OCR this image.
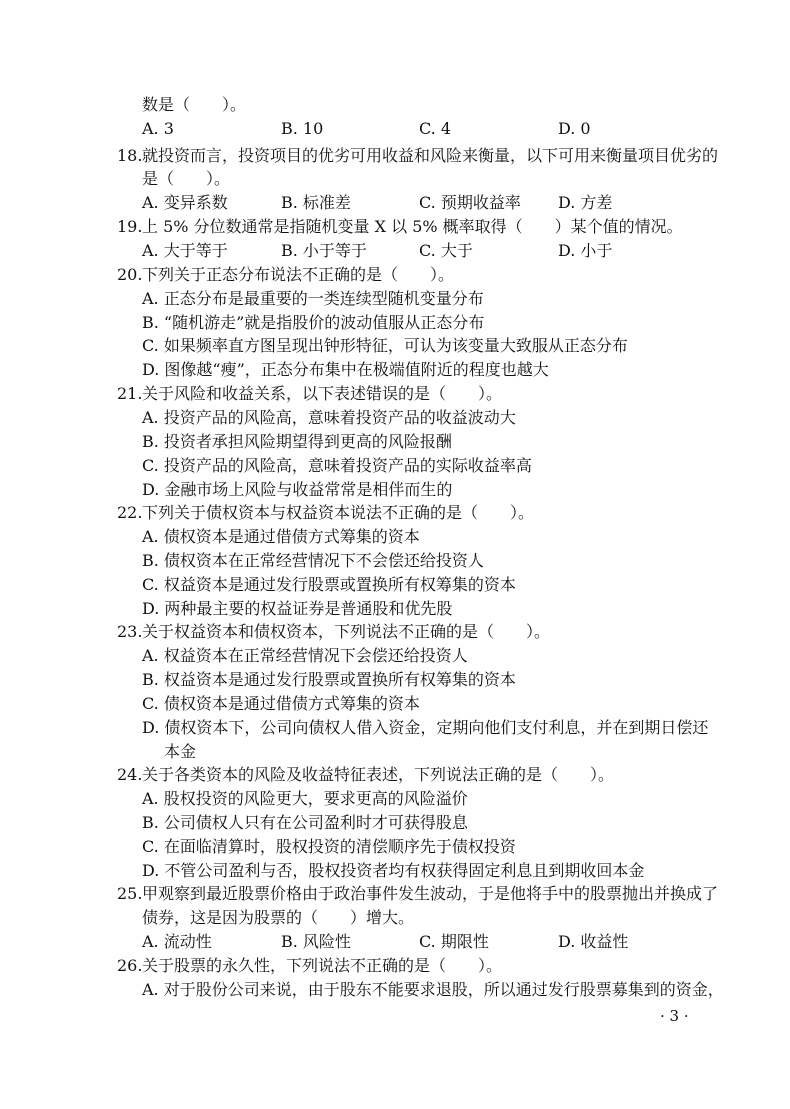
数是（　　）。
A. 3	B. 10	C. 4	D. 0
18. 就投资而言，投资项目的优劣可用收益和风险来衡量，以下可用来衡量项目优劣的
是（　　）。
A. 变异系数	B. 标准差	C. 预期收益率 D. 方差
19. 上 5% 分位数通常是指随机变量 X 以 5% 概率取得（　　）某个值的情况。
A. 大于等于	B. 小于等于	C. 大于	D. 小于
20. 下列关于正态分布说法不正确的是（　　）。
A. 正态分布是最重要的一类连续型随机变量分布
B. “随机游走”就是指股价的波动值服从正态分布
C. 如果频率直方图呈现出钟形特征，可认为该变量大致服从正态分布
D. 图像越“瘦”，正态分布集中在极端值附近的程度也越大
21. 关于风险和收益关系，以下表述错误的是（　　）。
A. 投资产品的风险高，意味着投资产品的收益波动大
B. 投资者承担风险期望得到更高的风险报酬
C. 投资产品的风险高，意味着投资产品的实际收益率高
D. 金融市场上风险与收益常常是相伴而生的
22. 下列关于债权资本与权益资本说法不正确的是（　　）。
A. 债权资本是通过借债方式筹集的资本
B. 债权资本在正常经营情况下不会偿还给投资人
C. 权益资本是通过发行股票或置换所有权筹集的资本
D. 两种最主要的权益证券是普通股和优先股
23. 关于权益资本和债权资本，下列说法不正确的是（　　）。
A. 权益资本在正常经营情况下会偿还给投资人
B. 权益资本是通过发行股票或置换所有权筹集的资本
C. 债权资本是通过借债方式筹集的资本
D. 债权资本下，公司向债权人借入资金，定期向他们支付利息，并在到期日偿还
本金
24. 关于各类资本的风险及收益特征表述，下列说法正确的是（　　）。
A. 股权投资的风险更大，要求更高的风险溢价
B. 公司债权人只有在公司盈利时才可获得股息
C. 在面临清算时，股权投资的清偿顺序先于债权投资
D. 不管公司盈利与否，股权投资者均有权获得固定利息且到期收回本金
25. 甲观察到最近股票价格由于政治事件发生波动，于是他将手中的股票抛出并换成了
债券，这是因为股票的（　　）增大。
A. 流动性	B. 风险性	C. 期限性	D. 收益性
26. 关于股票的永久性，下列说法不正确的是（　　）。
A. 对于股份公司来说，由于股东不能要求退股，所以通过发行股票募集到的资金，
· 3 ·
